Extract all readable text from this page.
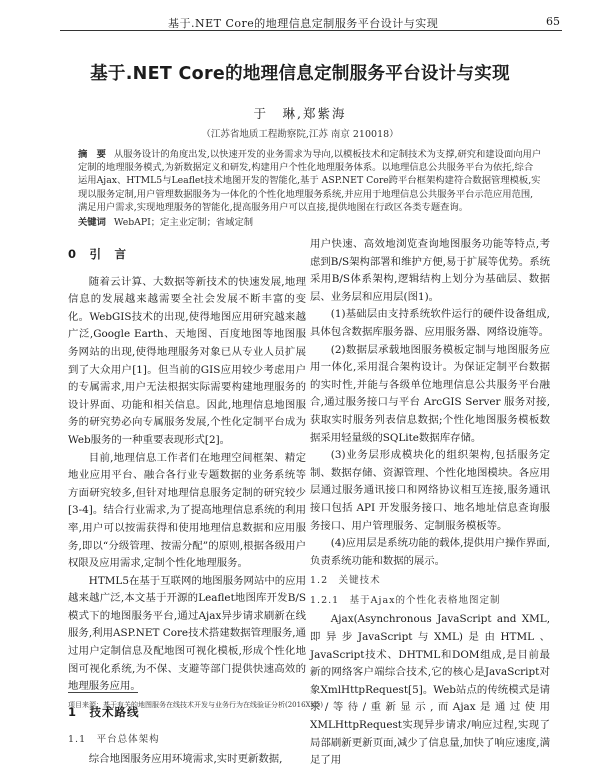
基于.NET Core的地理信息定制服务平台设计与实现	65
基于.NET Core的地理信息定制服务平台设计与实现
于　琳,郑紫海
（江苏省地质工程勘察院,江苏 南京 210018）
摘　要 从服务设计的角度出发,以快速开发的业务需求为导向,以模板技术和定制技术为支撑,研究和建设面向用户定制的地理服务模式,为新数据定义和研发,构建用户个性化地理服务体系。以地理信息公共服务平台为依托,综合运用Ajax、HTML5与Leaflet技术地图开发的智能化,基于 ASP.NET Core跨平台框架构建符合数据管理模板,实现以服务定制,用户管理数据服务为一体化的个性化地理服务系统,并应用于地理信息公共服务平台示范应用范围,满足用户需求,实现地理服务的智能化,提高服务用户可以直接,提供地图在行政区各类专题查询。
关键词 WebAPI；定主业定制；省域定制
0　引　言

随着云计算、大数据等新技术的快速发展,地理信息的发展越来越需要全社会发展不断丰富的变化。WebGIS技术的出现,使得地图应用研究越来越广泛,Google Earth、天地图、百度地图等地图服务网站的出现,使得地理服务对象已从专业人员扩展到了大众用户[1]。但当前的GIS应用较少考虑用户的专属需求,用户无法根据实际需要构建地理服务的设计界面、功能和相关信息。因此,地理信息地图服务的研究势必向专属服务发展,个性化定制平台成为Web服务的一种重要表现形式[2]。

目前,地理信息工作者们在地理空间框架、精定地业应用平台、融合各行业专题数据的业务系统等方面研究较多,但针对地理信息服务定制的研究较少[3-4]。结合行业需求,为了提高地理信息系统的利用率,用户可以按需获得和使用地理信息数据和应用服务,即以“分级管理、按需分配”的原则,根据各级用户权限及应用需求,定制个性化地理服务。

HTML5在基于互联网的地图服务网站中的应用越来越广泛,本文基于开源的Leaflet地图库开发B/S模式下的地图服务平台,通过Ajax异步请求刷新在线服务,利用ASP.NET Core技术搭建数据管理服务,通过用户定制信息及配地图可视化模板,形成个性化地图可视化系统,为不保、支避等部门提供快速高效的地理服务应用。

1　技术路线
1.1　平台总体架构

综合地图服务应用环境需求,实时更新数据,

用户快速、高效地浏览查询地图服务功能等特点,考虑到B/S架构部署和维护方便,易于扩展等优势。系统采用B/S体系架构,逻辑结构上划分为基础层、数据层、业务层和应用层(图1)。

(1)基础层由支持系统软件运行的硬件设备组成,具体包含数据库服务器、应用服务器、网络设施等。

(2)数据层承载地图服务模板定制与地图服务应用一体化,采用混合架构设计。为保证定制平台数据的实时性,并能与各级单位地理信息公共服务平台融合,通过服务接口与平台 ArcGIS Server 服务对接,获取实时服务列表信息数据;个性化地图服务模板数据采用轻量级的SQLite数据库存储。

(3)业务层形成模块化的组织架构,包括服务定制、数据存储、资源管理、个性化地图模块。各应用层通过服务通讯接口和网络协议相互连接,服务通讯接口包括 API 开发服务接口、地名地址信息查询服务接口、用户管理服务、定制服务模板等。

(4)应用层是系统功能的载体,提供用户操作界面,负责系统功能和数据的展示。

1.2　关键技术
1.2.1　基于Ajax的个性化表格地图定制

Ajax(Asynchronous JavaScript and XML,即异步JavaScript与XML)是由HTML、JavaScript技术、DHTML和DOM组成,是目前最新的网络客户端综合技术,它的核心是JavaScript对象XmlHttpRequest[5]。Web站点的传统模式是请求/等待/重新显示,而Ajax是通过使用XMLHttpRequest实现异步请求/响应过程,实现了局部刷新更新页面,减少了信息量,加快了响应速度,满足了用

项目来源：基于有关的地图服务在线技术开发与业务行为在线验证分析(2016XK5)
